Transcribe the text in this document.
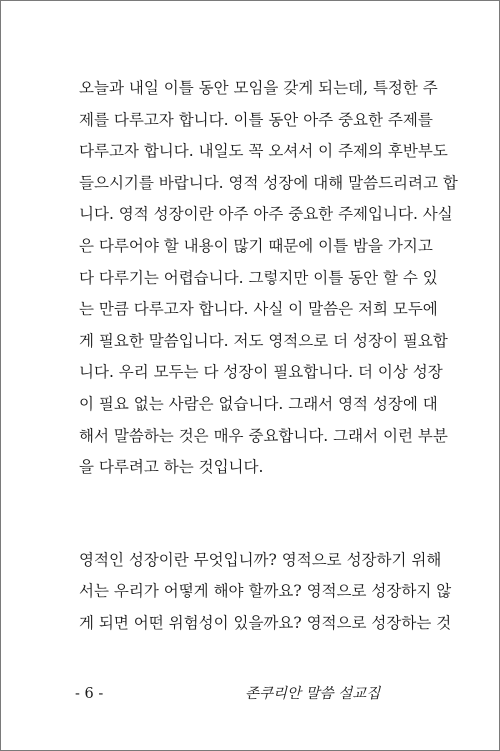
오늘과 내일 이틀 동안 모임을 갖게 되는데, 특정한 주
제를 다루고자 합니다. 이틀 동안 아주 중요한 주제를
다루고자 합니다. 내일도 꼭 오셔서 이 주제의 후반부도
들으시기를 바랍니다. 영적 성장에 대해 말씀드리려고 합
니다. 영적 성장이란 아주 아주 중요한 주제입니다. 사실
은 다루어야 할 내용이 많기 때문에 이틀 밤을 가지고
다 다루기는 어렵습니다. 그렇지만 이틀 동안 할 수 있
는 만큼 다루고자 합니다. 사실 이 말씀은 저희 모두에
게 필요한 말씀입니다. 저도 영적으로 더 성장이 필요합
니다. 우리 모두는 다 성장이 필요합니다. 더 이상 성장
이 필요 없는 사람은 없습니다. 그래서 영적 성장에 대
해서 말씀하는 것은 매우 중요합니다. 그래서 이런 부분
을 다루려고 하는 것입니다.

영적인 성장이란 무엇입니까? 영적으로 성장하기 위해
서는 우리가 어떻게 해야 할까요? 영적으로 성장하지 않
게 되면 어떤 위험성이 있을까요? 영적으로 성장하는 것

- 6 -	존쿠리안 말씀 설교집
